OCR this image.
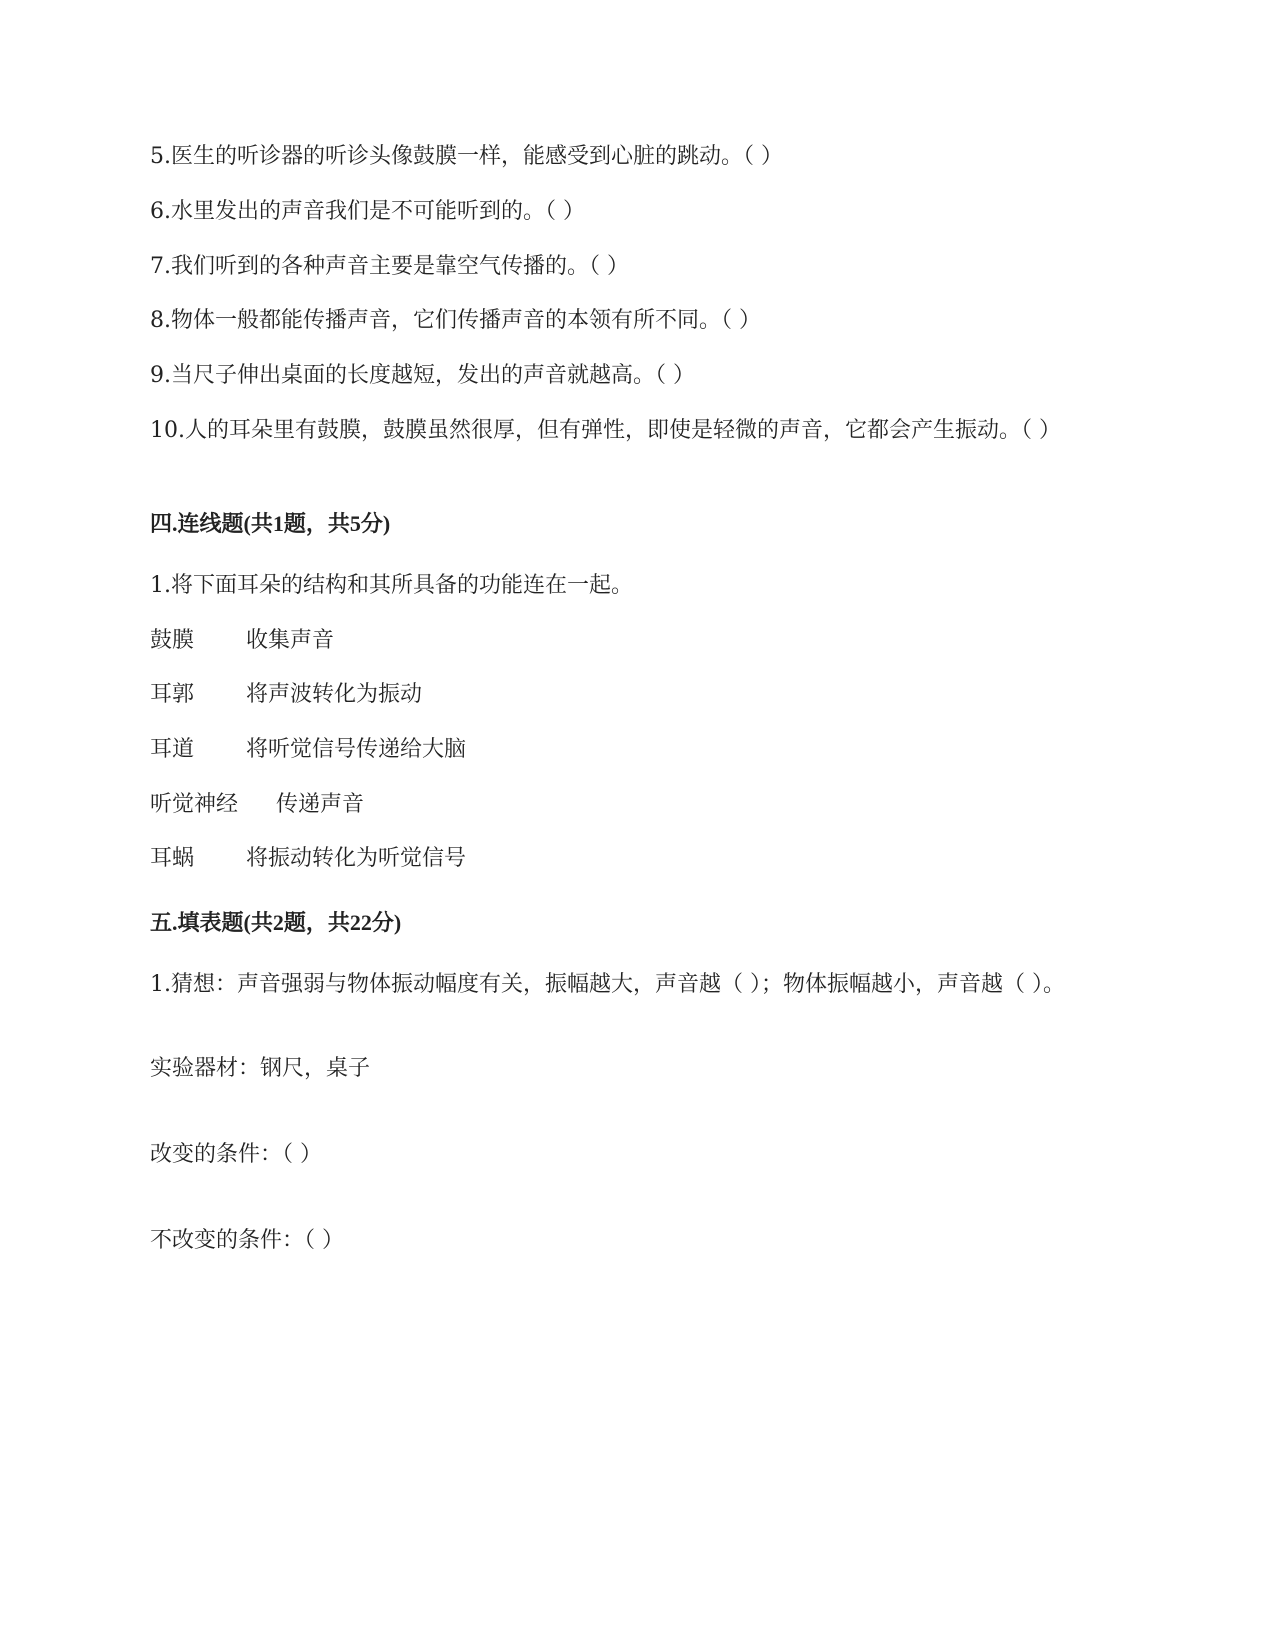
5.医生的听诊器的听诊头像鼓膜一样，能感受到心脏的跳动。（ ）
6.水里发出的声音我们是不可能听到的。（ ）
7.我们听到的各种声音主要是靠空气传播的。（ ）
8.物体一般都能传播声音，它们传播声音的本领有所不同。（ ）
9.当尺子伸出桌面的长度越短，发出的声音就越高。（ ）
10.人的耳朵里有鼓膜，鼓膜虽然很厚，但有弹性，即使是轻微的声音，它都会产生振动。（ ）
四.连线题(共1题，共5分)
1.将下面耳朵的结构和其所具备的功能连在一起。
鼓膜 收集声音
耳郭 将声波转化为振动
耳道 将听觉信号传递给大脑
听觉神经 传递声音
耳蜗 将振动转化为听觉信号
五.填表题(共2题，共22分)
1.猜想：声音强弱与物体振动幅度有关，振幅越大，声音越（ ）；物体振幅越小，声音越（ ）。
实验器材：钢尺，桌子
改变的条件：（ ）
不改变的条件：（ ）
